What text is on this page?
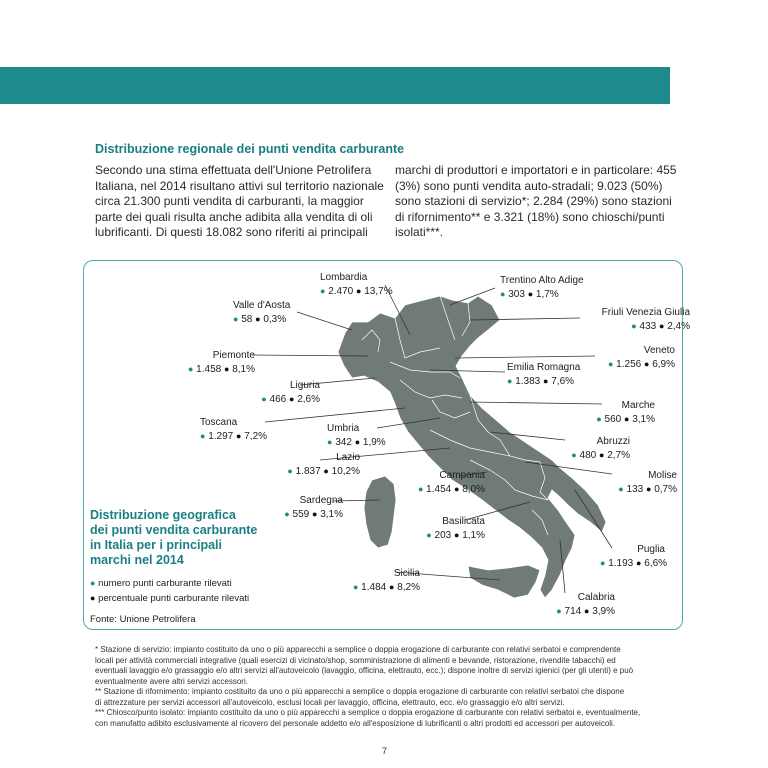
Distribuzione regionale dei punti vendita carburante
Secondo una stima effettuata dell'Unione Petrolifera
Italiana, nel 2014 risultano attivi sul territorio nazionale
circa 21.300 punti vendita di carburanti, la maggior
parte dei quali risulta anche adibita alla vendita di oli
lubrificanti. Di questi 18.082 sono riferiti ai principali
marchi di produttori e importatori e in particolare: 455
(3%) sono punti vendita auto-stradali; 9.023 (50%)
sono stazioni di servizio*; 2.284 (29%) sono stazioni
di rifornimento** e 3.321 (18%) sono chioschi/punti
isolati***.
Lombardia
● 2.470 ● 13,7%
Trentino Alto Adige
● 303 ● 1,7%
Valle d'Aosta
● 58 ● 0,3%
Friuli Venezia Giulia
● 433 ● 2,4%
Piemonte
● 1.458 ● 8,1%
Veneto
● 1.256 ● 6,9%
Liguria
● 466 ● 2,6%
Emilia Romagna
● 1.383 ● 7,6%
Toscana
● 1.297 ● 7,2%
Marche
● 560 ● 3,1%
Umbria
● 342 ● 1,9%	Abruzzi
● 480 ● 2,7%
Lazio
● 1.837 ● 10,2%	Molise
● 133 ● 0,7%
Campania
● 1.454 ● 8,0%
Sardegna
● 559 ● 3,1%
Basilicata
● 203 ● 1,1%
Puglia
● 1.193 ● 6,6%
Sicilia
● 1.484 ● 8,2%
Calabria
● 714 ● 3,9%
Distribuzione geografica
dei punti vendita carburante
in Italia per i principali
marchi nel 2014
● numero punti carburante rilevati
● percentuale punti carburante rilevati
Fonte: Unione Petrolifera
* Stazione di servizio: impianto costituito da uno o più apparecchi a semplice o doppia erogazione di carburante con relativi serbatoi e comprendente
locali per attività commerciali integrative (quali esercizi di vicinato/shop, somministrazione di alimenti e bevande, ristorazione, rivendite tabacchi) ed
eventuali lavaggio e/o grassaggio e/o altri servizi all'autoveicolo (lavaggio, officina, elettrauto, ecc.); dispone inoltre di servizi igienici (per gli utenti) e può
eventualmente avere altri servizi accessori.
** Stazione di rifornimento: impianto costituito da uno o più apparecchi a semplice o doppia erogazione di carburante con relativi serbatoi che dispone
di attrezzature per servizi accessori all'autoveicolo, esclusi locali per lavaggio, officina, elettrauto, ecc. e/o grassaggio e/o altri servizi.
*** Chiosco/punto isolato: impianto costituito da uno o più apparecchi a semplice o doppia erogazione di carburante con relativi serbatoi e, eventualmente,
con manufatto adibito esclusivamente al ricovero del personale addetto e/o all'esposizione di lubrificanti o altri prodotti ed accessori per autoveicoli.
7
